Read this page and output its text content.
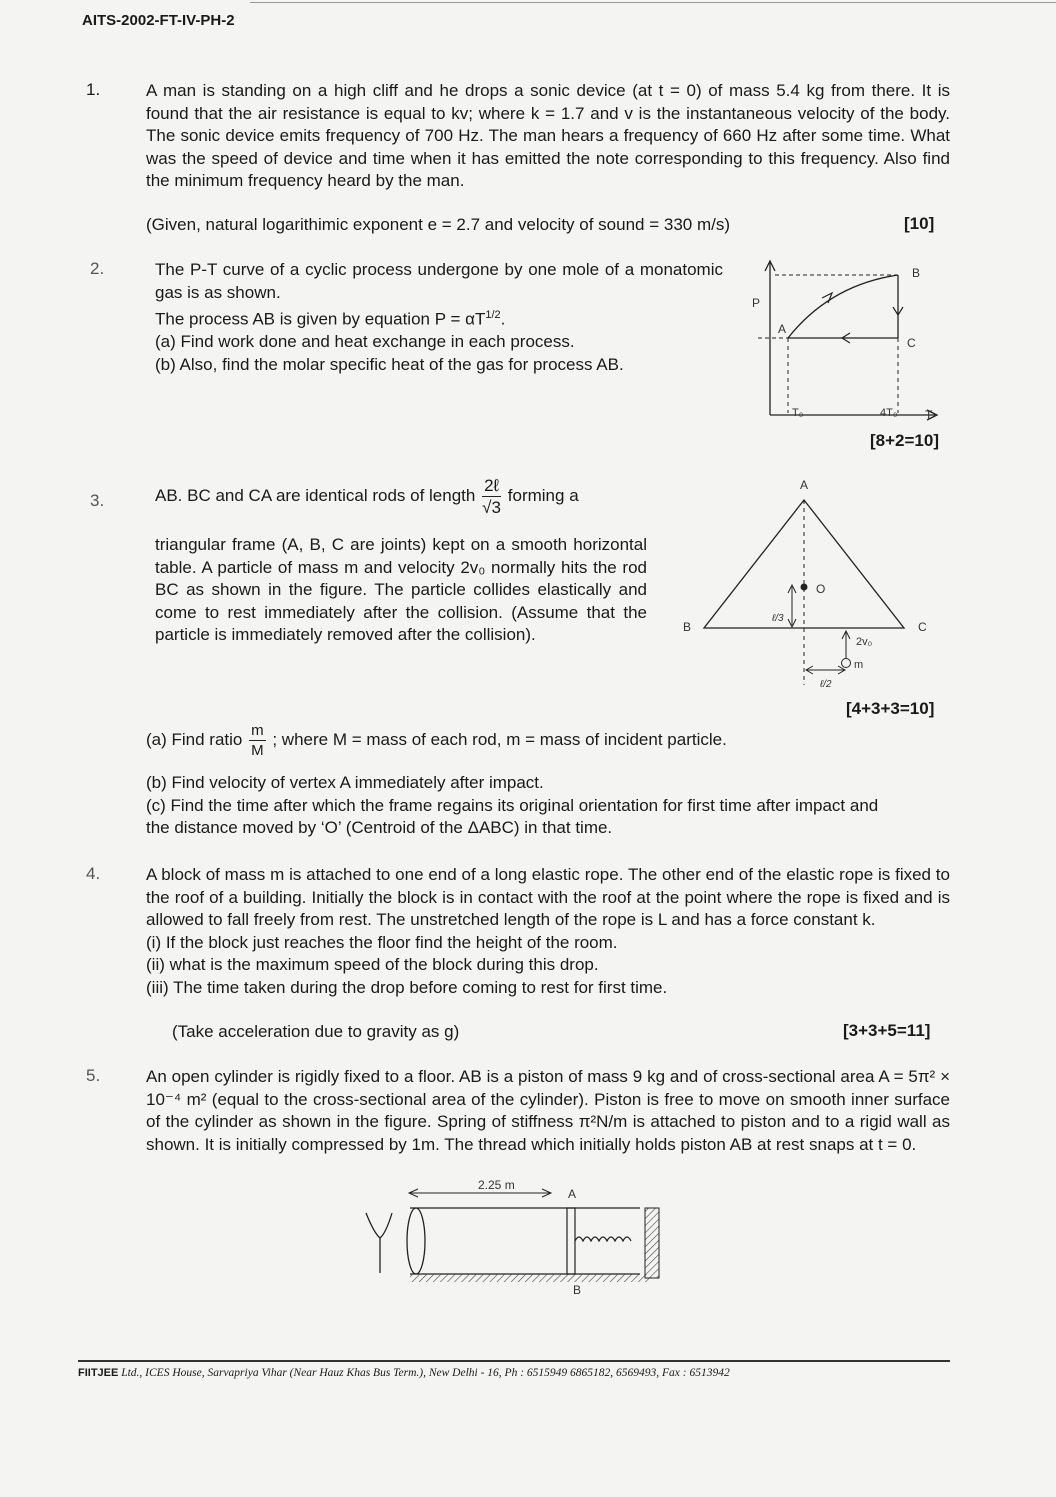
AITS-2002-FT-IV-PH-2
1.	A man is standing on a high cliff and he drops a sonic device (at t = 0) of mass 5.4 kg from there. It is found that the air resistance is equal to kv; where k = 1.7 and v is the instantaneous velocity of the body. The sonic device emits frequency of 700 Hz. The man hears a frequency of 660 Hz after some time. What was the speed of device and time when it has emitted the note corresponding to this frequency. Also find the minimum frequency heard by the man.

(Given, natural logarithimic exponent e = 2.7 and velocity of sound = 330 m/s)	[10]
2.	The P-T curve of a cyclic process undergone by one mole of a monatomic gas is as shown.

The process AB is given by equation $P = \alpha T^{1/2}$.

(a) Find work done and heat exchange in each process.

(b) Also, find the molar specific heat of the gas for process AB.

B
P
A
C
T₀	4T₀ T
[8+2=10]
3.	AB. BC and CA are identical rods of length $\frac{\text{2ℓ}}{√3}$ forming a
triangular frame (A, B, C are joints) kept on a smooth horizontal table. A particle of mass m and velocity 2v₀ normally hits the rod BC as shown in the figure. The particle collides elastically and come to rest immediately after the collision. (Assume that the particle is immediately removed after the collision).
A
B	C
O
ℓ/3
2v₀
m
ℓ/2
[4+3+3=10]
(a) Find ratio $\frac{m}{M}$ ; where M = mass of each rod, m = mass of incident particle.

(b) Find velocity of vertex A immediately after impact.

(c) Find the time after which the frame regains its original orientation for first time after impact and the distance moved by ‘O’ (Centroid of the ΔABC) in that time.

4.	A block of mass m is attached to one end of a long elastic rope. The other end of the elastic rope is fixed to the roof of a building. Initially the block is in contact with the roof at the point where the rope is fixed and is allowed to fall freely from rest. The unstretched length of the rope is L and has a force constant k.

(i) If the block just reaches the floor find the height of the room.

(ii) what is the maximum speed of the block during this drop.

(iii) The time taken during the drop before coming to rest for first time.

(Take acceleration due to gravity as g)	[3+3+5=11]
5.	An open cylinder is rigidly fixed to a floor. AB is a piston of mass 9 kg and of cross-sectional area A = 5π² × 10⁻⁴ m² (equal to the cross-sectional area of the cylinder). Piston is free to move on smooth inner surface of the cylinder as shown in the figure. Spring of stiffness π²N/m is attached to piston and to a rigid wall as shown. It is initially compressed by 1m. The thread which initially holds piston AB at rest snaps at t = 0.
2.25 m
A
B
FIITJEE Ltd., ICES House, Sarvapriya Vihar (Near Hauz Khas Bus Term.), New Delhi - 16, Ph : 6515949 6865182, 6569493, Fax : 6513942
